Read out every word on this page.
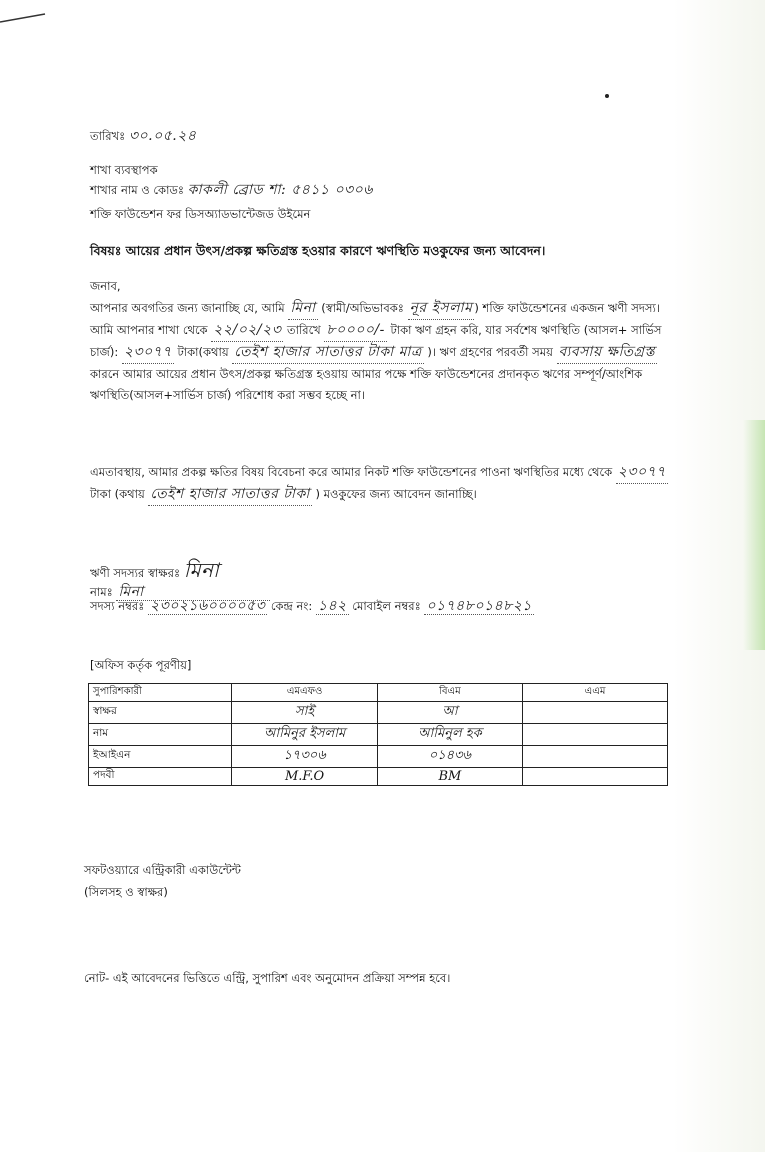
তারিখঃ ৩০.০৫.২৪
শাখা ব্যবস্থাপক
শাখার নাম ও কোডঃ কাকলী ব্রোড শা: ৫৪১১ ০৩০৬
শক্তি ফাউন্ডেশন ফর ডিসঅ্যাডভান্টেজড উইমেন
বিষয়ঃ আয়ের প্রধান উৎস/প্রকল্প ক্ষতিগ্রস্ত হওয়ার কারণে ঋণস্থিতি মওকুফের জন্য আবেদন।
জনাব,
আপনার অবগতির জন্য জানাচ্ছি যে, আমি মিনা (স্বামী/অভিভাবকঃ নূর ইসলাম ) শক্তি ফাউন্ডেশনের একজন ঋণী সদস্য। আমি আপনার শাখা থেকে ২২/০২/২৩ তারিখে ৮০০০০/- টাকা ঋণ গ্রহন করি, যার সর্বশেষ ঋণস্থিতি (আসল+ সার্ভিস চার্জ): ২৩০৭৭ টাকা(কথায় তেইশ হাজার সাতাত্তর টাকা মাত্র )। ঋণ গ্রহণের পরবর্তী সময় ব্যবসায় ক্ষতিগ্রস্ত কারনে আমার আয়ের প্রধান উৎস/প্রকল্প ক্ষতিগ্রস্ত হওয়ায় আমার পক্ষে শক্তি ফাউন্ডেশনের প্রদানকৃত ঋণের সম্পূর্ণ/আংশিক ঋণস্থিতি(আসল+সার্ভিস চার্জ) পরিশোধ করা সম্ভব হচ্ছে না।
এমতাবস্থায়, আমার প্রকল্প ক্ষতির বিষয় বিবেচনা করে আমার নিকট শক্তি ফাউন্ডেশনের পাওনা ঋণস্থিতির মধ্যে থেকে ২৩০৭৭ টাকা (কথায় তেইশ হাজার সাতাত্তর টাকা ) মওকুফের জন্য আবেদন জানাচ্ছি।
ঋণী সদস্যর স্বাক্ষরঃ মিনা
নামঃ মিনা
সদস্য নম্বরঃ ২৩০২১৬০০০০৫৩ কেন্দ্র নং: ১৪২ মোবাইল নম্বরঃ ০১৭৪৮০১৪৮২১
[অফিস কর্তৃক পূরণীয়]
সুপারিশকারী	এমএফও	বিএম	এএম
স্বাক্ষর	সাই	আ	
নাম	আমিনুর ইসলাম	আমিনুল হক	
ইআইএন	১৭৩০৬	০১৪৩৬	
পদবী	M.F.O	BM	
সফটওয়্যারে এন্ট্রিকারী একাউন্টেন্ট
(সিলসহ ও স্বাক্ষর)
নোট- এই আবেদনের ভিত্তিতে এন্ট্রি, সুপারিশ এবং অনুমোদন প্রক্রিয়া সম্পন্ন হবে।
